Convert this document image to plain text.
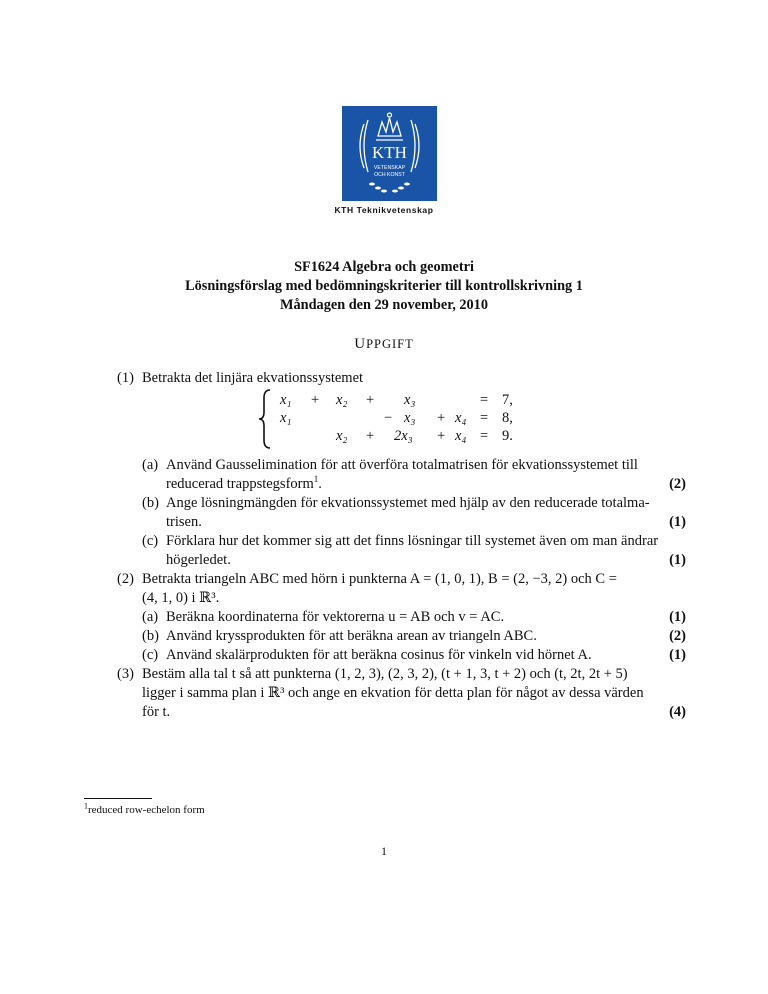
KTH
VETENSKAP
OCH KONST
KTH Teknikvetenskap
SF1624 Algebra och geometri
Lösningsförslag med bedömningskriterier till kontrollskrivning 1
Måndagen den 29 november, 2010
UPPGIFT
(1) Betrakta det linjära ekvationssystemet
x₁ + x₂ + x₃	= 7,
x₁	− x₃ + x₄ = 8,
x₂ + 2x₃ + x₄ = 9.
(a) Använd Gausselimination för att överföra totalmatrisen för ekvationssystemet till
reducerad trappstegsform$^1$.	(2)
(b) Ange lösningmängden för ekvationssystemet med hjälp av den reducerade totalma-
trisen.	(1)
(c) Förklara hur det kommer sig att det finns lösningar till systemet även om man ändrar
högerledet.	(1)
(2) Betrakta triangeln ABC med hörn i punkterna A = (1, 0, 1), B = (2, −3, 2) och C =
(4, 1, 0) i ℝ³.
(a) Beräkna koordinaterna för vektorerna u = AB och v = AC.	(1)
(b) Använd kryssprodukten för att beräkna arean av triangeln ABC.	(2)
(c) Använd skalärprodukten för att beräkna cosinus för vinkeln vid hörnet A.	(1)
(3) Bestäm alla tal t så att punkterna (1, 2, 3), (2, 3, 2), (t + 1, 3, t + 2) och (t, 2t, 2t + 5)
ligger i samma plan i ℝ³ och ange en ekvation för detta plan för något av dessa värden
för t.	(4)
$^1$reduced row-echelon form
1
